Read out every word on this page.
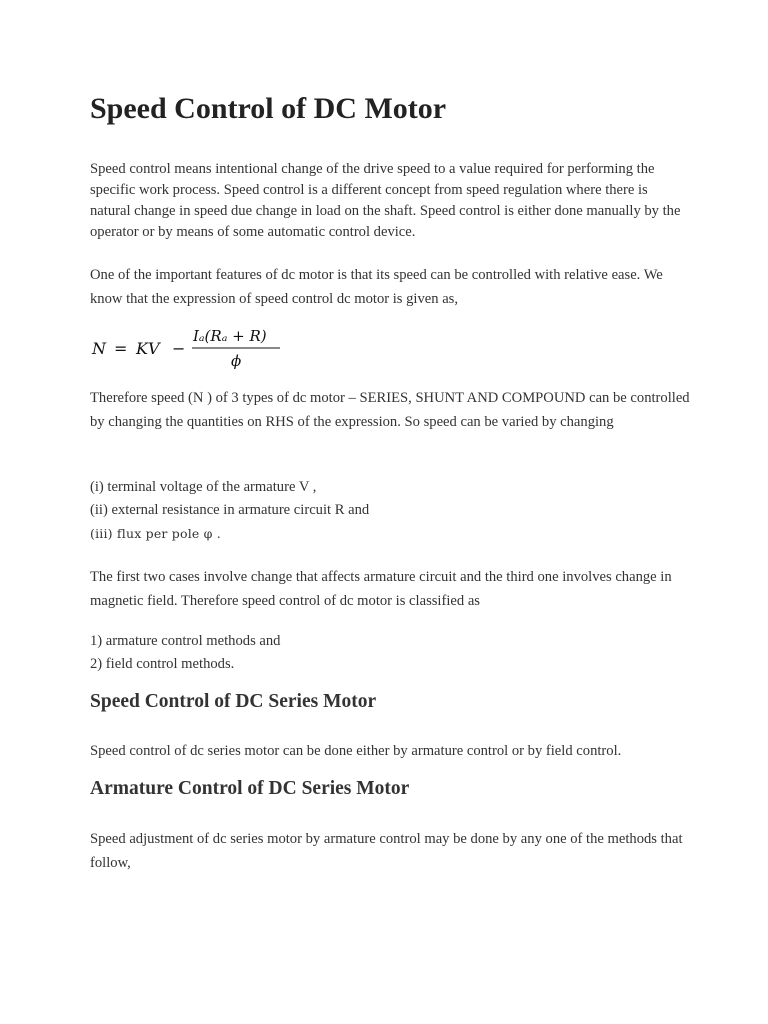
Speed Control of DC Motor

Speed control means intentional change of the drive speed to a value required for performing the specific work process. Speed control is a different concept from speed regulation where there is natural change in speed due change in load on the shaft. Speed control is either done manually by the operator or by means of some automatic control device.

One of the important features of dc motor is that its speed can be controlled with relative ease. We know that the expression of speed control dc motor is given as,

N = KV −
Iₐ(Rₐ + R)
ϕ

Therefore speed (N ) of 3 types of dc motor – SERIES, SHUNT AND COMPOUND can be controlled by changing the quantities on RHS of the expression. So speed can be varied by changing

(i) terminal voltage of the armature V ,

(ii) external resistance in armature circuit R and

(iii) flux per pole φ .

The first two cases involve change that affects armature circuit and the third one involves change in magnetic field. Therefore speed control of dc motor is classified as

1) armature control methods and

2) field control methods.

Speed Control of DC Series Motor

Speed control of dc series motor can be done either by armature control or by field control.

Armature Control of DC Series Motor

Speed adjustment of dc series motor by armature control may be done by any one of the methods that follow,
